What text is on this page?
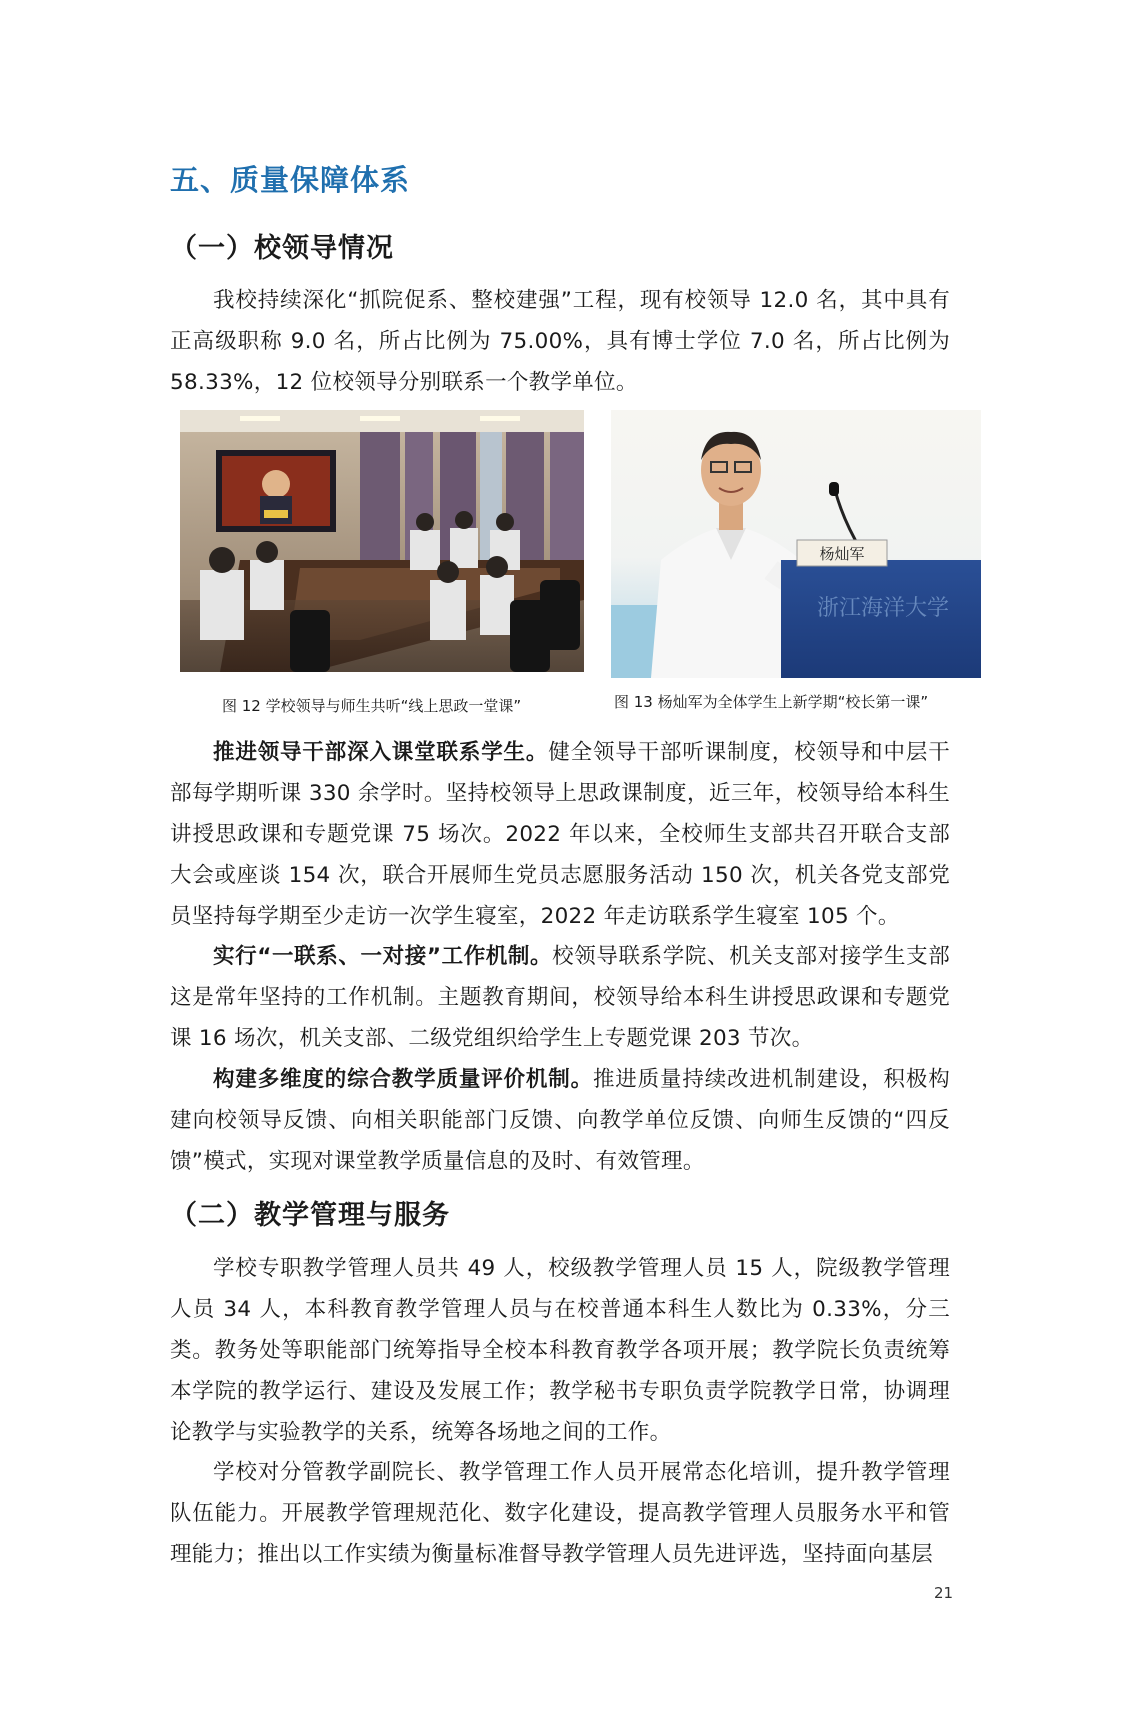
五、质量保障体系
（一）校领导情况

我校持续深化“抓院促系、整校建强”工程，现有校领导 12.0 名，其中具有正高级职称 9.0 名，所占比例为 75.00%，具有博士学位 7.0 名，所占比例为 58.33%，12 位校领导分别联系一个教学单位。

杨灿军
浙江海洋大学
图 12 学校领导与师生共听“线上思政一堂课”	图 13 杨灿军为全体学生上新学期“校长第一课”

推进领导干部深入课堂联系学生。健全领导干部听课制度，校领导和中层干部每学期听课 330 余学时。坚持校领导上思政课制度，近三年，校领导给本科生讲授思政课和专题党课 75 场次。2022 年以来，全校师生支部共召开联合支部大会或座谈 154 次，联合开展师生党员志愿服务活动 150 次，机关各党支部党员坚持每学期至少走访一次学生寝室，2022 年走访联系学生寝室 105 个。

实行“一联系、一对接”工作机制。校领导联系学院、机关支部对接学生支部这是常年坚持的工作机制。主题教育期间，校领导给本科生讲授思政课和专题党课 16 场次，机关支部、二级党组织给学生上专题党课 203 节次。

构建多维度的综合教学质量评价机制。推进质量持续改进机制建设，积极构建向校领导反馈、向相关职能部门反馈、向教学单位反馈、向师生反馈的“四反馈”模式，实现对课堂教学质量信息的及时、有效管理。

（二）教学管理与服务

学校专职教学管理人员共 49 人，校级教学管理人员 15 人，院级教学管理人员 34 人，本科教育教学管理人员与在校普通本科生人数比为 0.33%，分三类。教务处等职能部门统筹指导全校本科教育教学各项开展；教学院长负责统筹本学院的教学运行、建设及发展工作；教学秘书专职负责学院教学日常，协调理论教学与实验教学的关系，统筹各场地之间的工作。

学校对分管教学副院长、教学管理工作人员开展常态化培训，提升教学管理队伍能力。开展教学管理规范化、数字化建设，提高教学管理人员服务水平和管理能力；推出以工作实绩为衡量标准督导教学管理人员先进评选，坚持面向基层

21
